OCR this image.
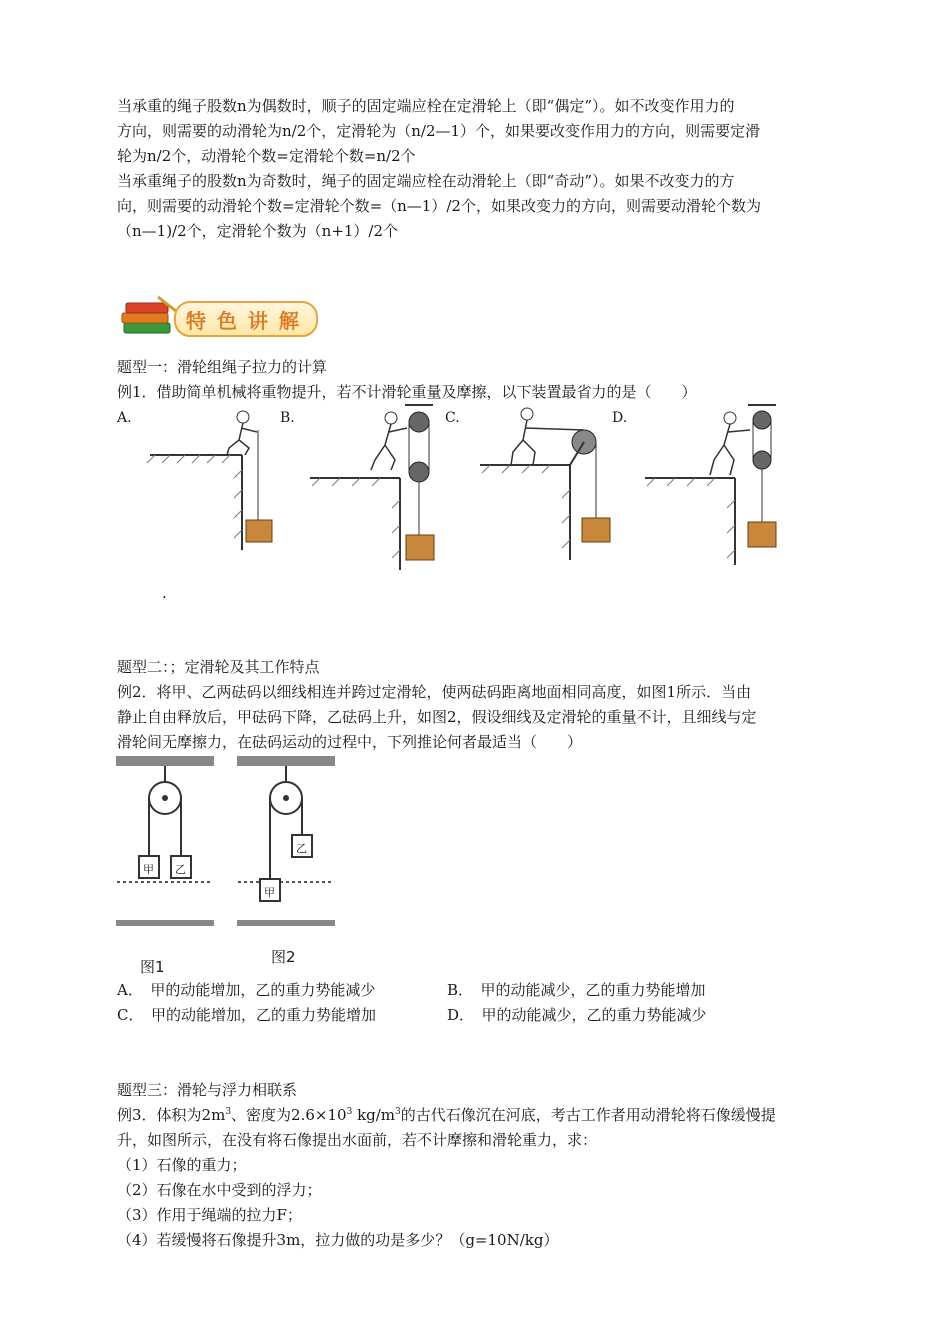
当承重的绳子股数n为偶数时，顺子的固定端应栓在定滑轮上（即“偶定”）。如不改变作用力的
方向，则需要的动滑轮为n/2个，定滑轮为（n/2—1）个，如果要改变作用力的方向，则需要定滑
轮为n/2个，动滑轮个数=定滑轮个数=n/2个
当承重绳子的股数n为奇数时，绳子的固定端应栓在动滑轮上（即“奇动”）。如果不改变力的方
向，则需要的动滑轮个数=定滑轮个数=（n—1）/2个，如果改变力的方向，则需要动滑轮个数为
（n—1)/2个，定滑轮个数为（n+1）/2个
特 色 讲 解
题型一：滑轮组绳子拉力的计算
例1．借助简单机械将重物提升，若不计滑轮重量及摩擦，以下装置最省力的是（　　）
A.	B.	C.	D.
.
题型二：；定滑轮及其工作特点
例2．将甲、乙两砝码以细线相连并跨过定滑轮，使两砝码距离地面相同高度，如图1所示．当由
静止自由释放后，甲砝码下降，乙砝码上升，如图2，假设细线及定滑轮的重量不计，且细线与定
滑轮间无摩擦力，在砝码运动的过程中，下列推论何者最适当（　　）
甲 乙
图1
乙
甲
图2
A．　甲的动能增加，乙的重力势能减少	B．　甲的动能减少，乙的重力势能增加
C．　甲的动能增加，乙的重力势能增加	D．　甲的动能减少，乙的重力势能减少
题型三：滑轮与浮力相联系
例3．体积为$2m^3$、密度为$2.6\times 10^3$ $kg/m^3$的古代石像沉在河底，考古工作者用动滑轮将石像缓慢提
升，如图所示，在没有将石像提出水面前，若不计摩擦和滑轮重力，求：
（1）石像的重力；
（2）石像在水中受到的浮力；
（3）作用于绳端的拉力F；
（4）若缓慢将石像提升3m，拉力做的功是多少？（g=10N/kg）
